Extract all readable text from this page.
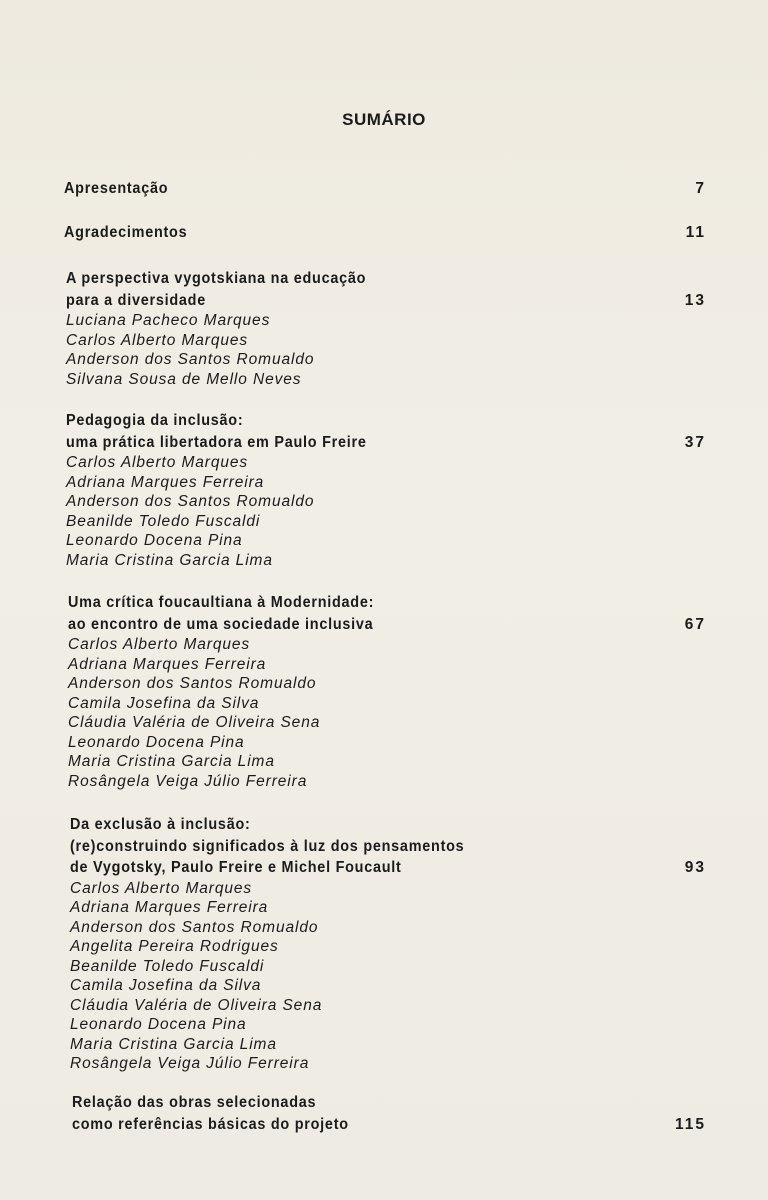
SUMÁRIO
Apresentação	7
Agradecimentos	11
A perspectiva vygotskiana na educação
para a diversidade	13
Luciana Pacheco Marques
Carlos Alberto Marques
Anderson dos Santos Romualdo
Silvana Sousa de Mello Neves
Pedagogia da inclusão:
uma prática libertadora em Paulo Freire	37
Carlos Alberto Marques
Adriana Marques Ferreira
Anderson dos Santos Romualdo
Beanilde Toledo Fuscaldi
Leonardo Docena Pina
Maria Cristina Garcia Lima
Uma crítica foucaultiana à Modernidade:
ao encontro de uma sociedade inclusiva	67
Carlos Alberto Marques
Adriana Marques Ferreira
Anderson dos Santos Romualdo
Camila Josefina da Silva
Cláudia Valéria de Oliveira Sena
Leonardo Docena Pina
Maria Cristina Garcia Lima
Rosângela Veiga Júlio Ferreira
Da exclusão à inclusão:
(re)construindo significados à luz dos pensamentos
de Vygotsky, Paulo Freire e Michel Foucault	93
Carlos Alberto Marques
Adriana Marques Ferreira
Anderson dos Santos Romualdo
Angelita Pereira Rodrigues
Beanilde Toledo Fuscaldi
Camila Josefina da Silva
Cláudia Valéria de Oliveira Sena
Leonardo Docena Pina
Maria Cristina Garcia Lima
Rosângela Veiga Júlio Ferreira
Relação das obras selecionadas
como referências básicas do projeto	115
